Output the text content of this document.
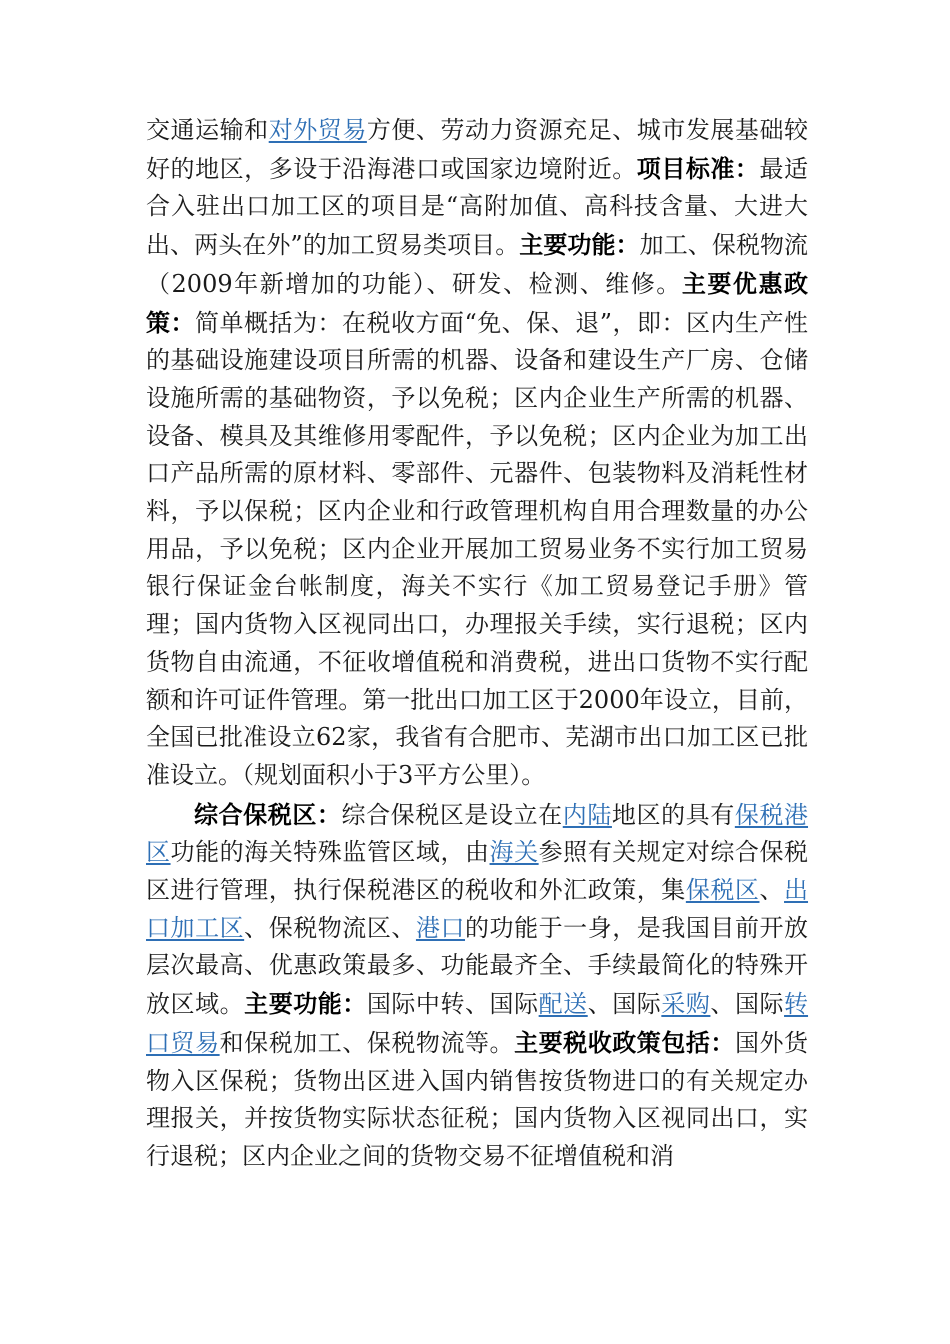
交通运输和对外贸易方便、劳动力资源充足、城市发展基础较好的地区，多设于沿海港口或国家边境附近。项目标准：最适合入驻出口加工区的项目是“高附加值、高科技含量、大进大出、两头在外”的加工贸易类项目。主要功能：加工、保税物流（2009年新增加的功能）、研发、检测、维修。主要优惠政策：简单概括为：在税收方面“免、保、退”，即：区内生产性的基础设施建设项目所需的机器、设备和建设生产厂房、仓储设施所需的基础物资，予以免税；区内企业生产所需的机器、设备、模具及其维修用零配件，予以免税；区内企业为加工出口产品所需的原材料、零部件、元器件、包装物料及消耗性材料，予以保税；区内企业和行政管理机构自用合理数量的办公用品，予以免税；区内企业开展加工贸易业务不实行加工贸易银行保证金台帐制度，海关不实行《加工贸易登记手册》管理；国内货物入区视同出口，办理报关手续，实行退税；区内货物自由流通，不征收增值税和消费税，进出口货物不实行配额和许可证件管理。第一批出口加工区于2000年设立，目前，全国已批准设立62家，我省有合肥市、芜湖市出口加工区已批准设立。（规划面积小于3平方公里）。

综合保税区：综合保税区是设立在内陆地区的具有保税港区功能的海关特殊监管区域，由海关参照有关规定对综合保税区进行管理，执行保税港区的税收和外汇政策，集保税区、出口加工区、保税物流区、港口的功能于一身，是我国目前开放层次最高、优惠政策最多、功能最齐全、手续最简化的特殊开放区域。主要功能：国际中转、国际配送、国际采购、国际转口贸易和保税加工、保税物流等。主要税收政策包括：国外货物入区保税；货物出区进入国内销售按货物进口的有关规定办理报关，并按货物实际状态征税；国内货物入区视同出口，实行退税；区内企业之间的货物交易不征增值税和消
